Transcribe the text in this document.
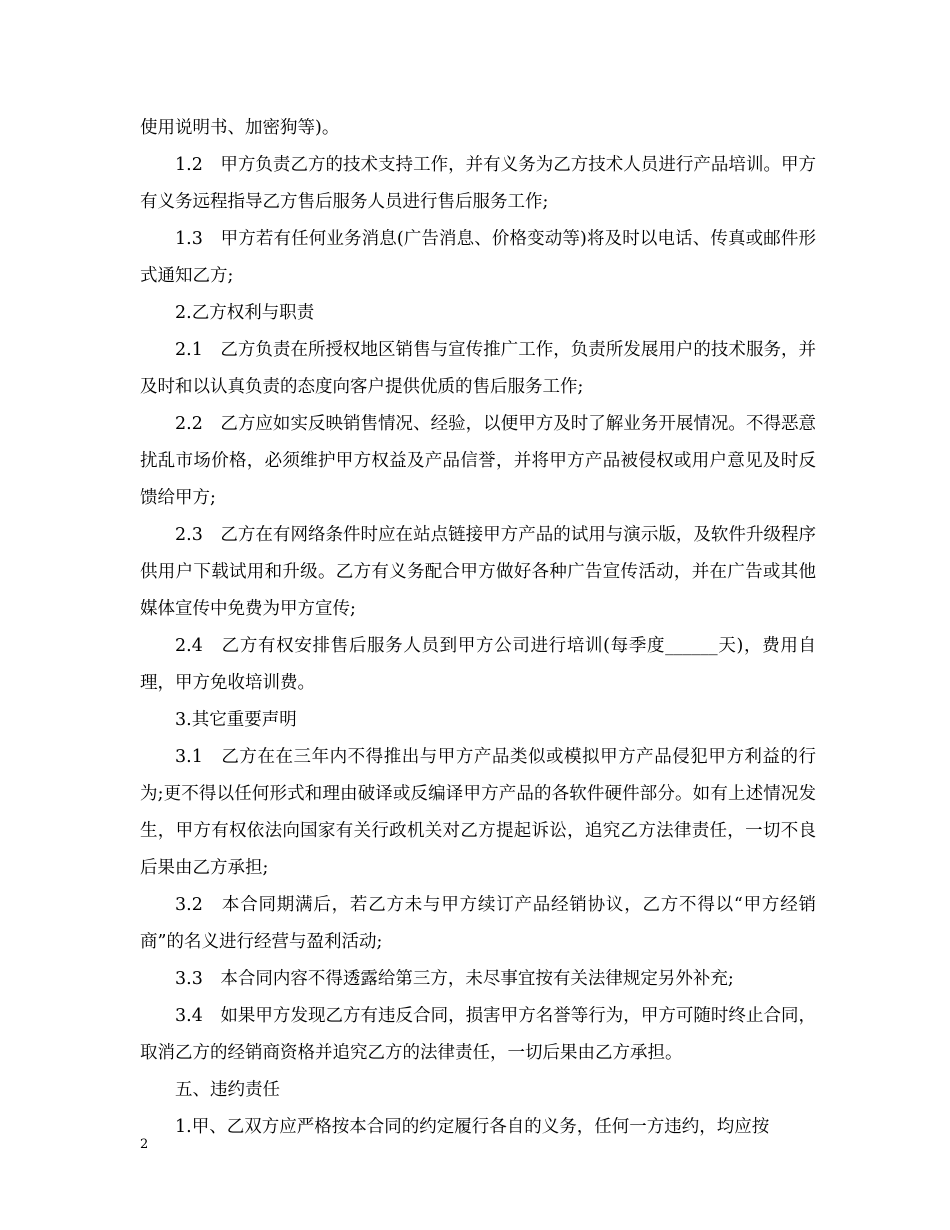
使用说明书、加密狗等)。

1.2　甲方负责乙方的技术支持工作，并有义务为乙方技术人员进行产品培训。甲方有义务远程指导乙方售后服务人员进行售后服务工作;

1.3　甲方若有任何业务消息(广告消息、价格变动等)将及时以电话、传真或邮件形式通知乙方;

2.乙方权利与职责

2.1　乙方负责在所授权地区销售与宣传推广工作，负责所发展用户的技术服务，并及时和以认真负责的态度向客户提供优质的售后服务工作;

2.2　乙方应如实反映销售情况、经验，以便甲方及时了解业务开展情况。不得恶意扰乱市场价格，必须维护甲方权益及产品信誉，并将甲方产品被侵权或用户意见及时反馈给甲方;

2.3　乙方在有网络条件时应在站点链接甲方产品的试用与演示版，及软件升级程序供用户下载试用和升级。乙方有义务配合甲方做好各种广告宣传活动，并在广告或其他媒体宣传中免费为甲方宣传;

2.4　乙方有权安排售后服务人员到甲方公司进行培训(每季度______天)，费用自理，甲方免收培训费。

3.其它重要声明

3.1　乙方在在三年内不得推出与甲方产品类似或模拟甲方产品侵犯甲方利益的行为;更不得以任何形式和理由破译或反编译甲方产品的各软件硬件部分。如有上述情况发生，甲方有权依法向国家有关行政机关对乙方提起诉讼，追究乙方法律责任，一切不良后果由乙方承担;

3.2　本合同期满后，若乙方未与甲方续订产品经销协议，乙方不得以“甲方经销商”的名义进行经营与盈利活动;

3.3　本合同内容不得透露给第三方，未尽事宜按有关法律规定另外补充;

3.4　如果甲方发现乙方有违反合同，损害甲方名誉等行为，甲方可随时终止合同，取消乙方的经销商资格并追究乙方的法律责任，一切后果由乙方承担。

五、违约责任

1.甲、乙双方应严格按本合同的约定履行各自的义务，任何一方违约，均应按

2
